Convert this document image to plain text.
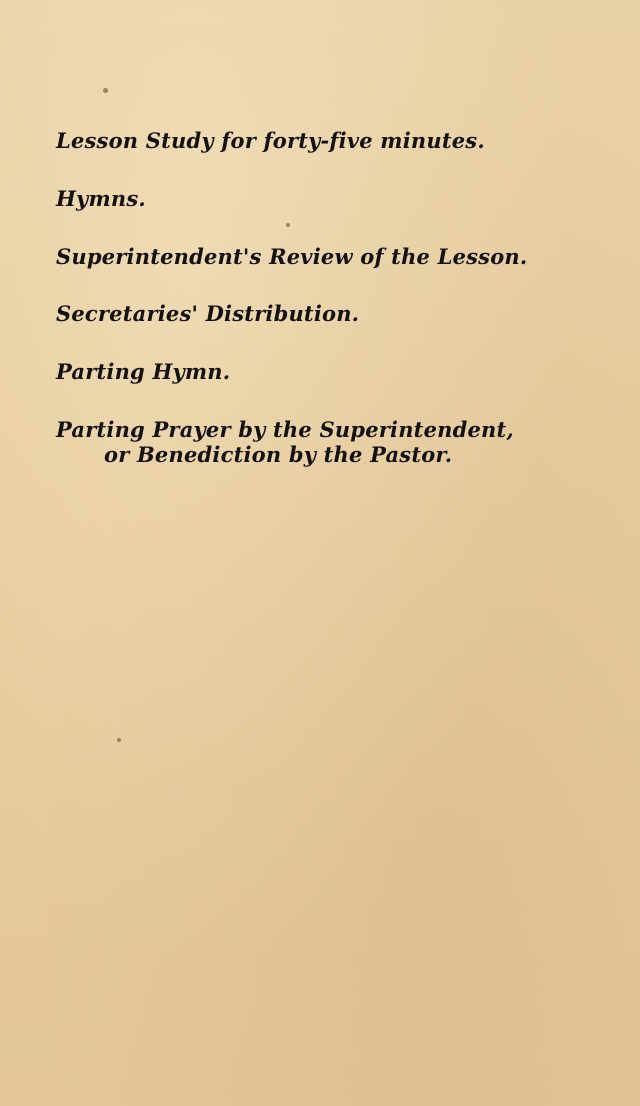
Lesson Study for forty-five minutes.

Hymns.

Superintendent's Review of the Lesson.

Secretaries' Distribution.

Parting Hymn.

Parting Prayer by the Superintendent,

or Benediction by the Pastor.
